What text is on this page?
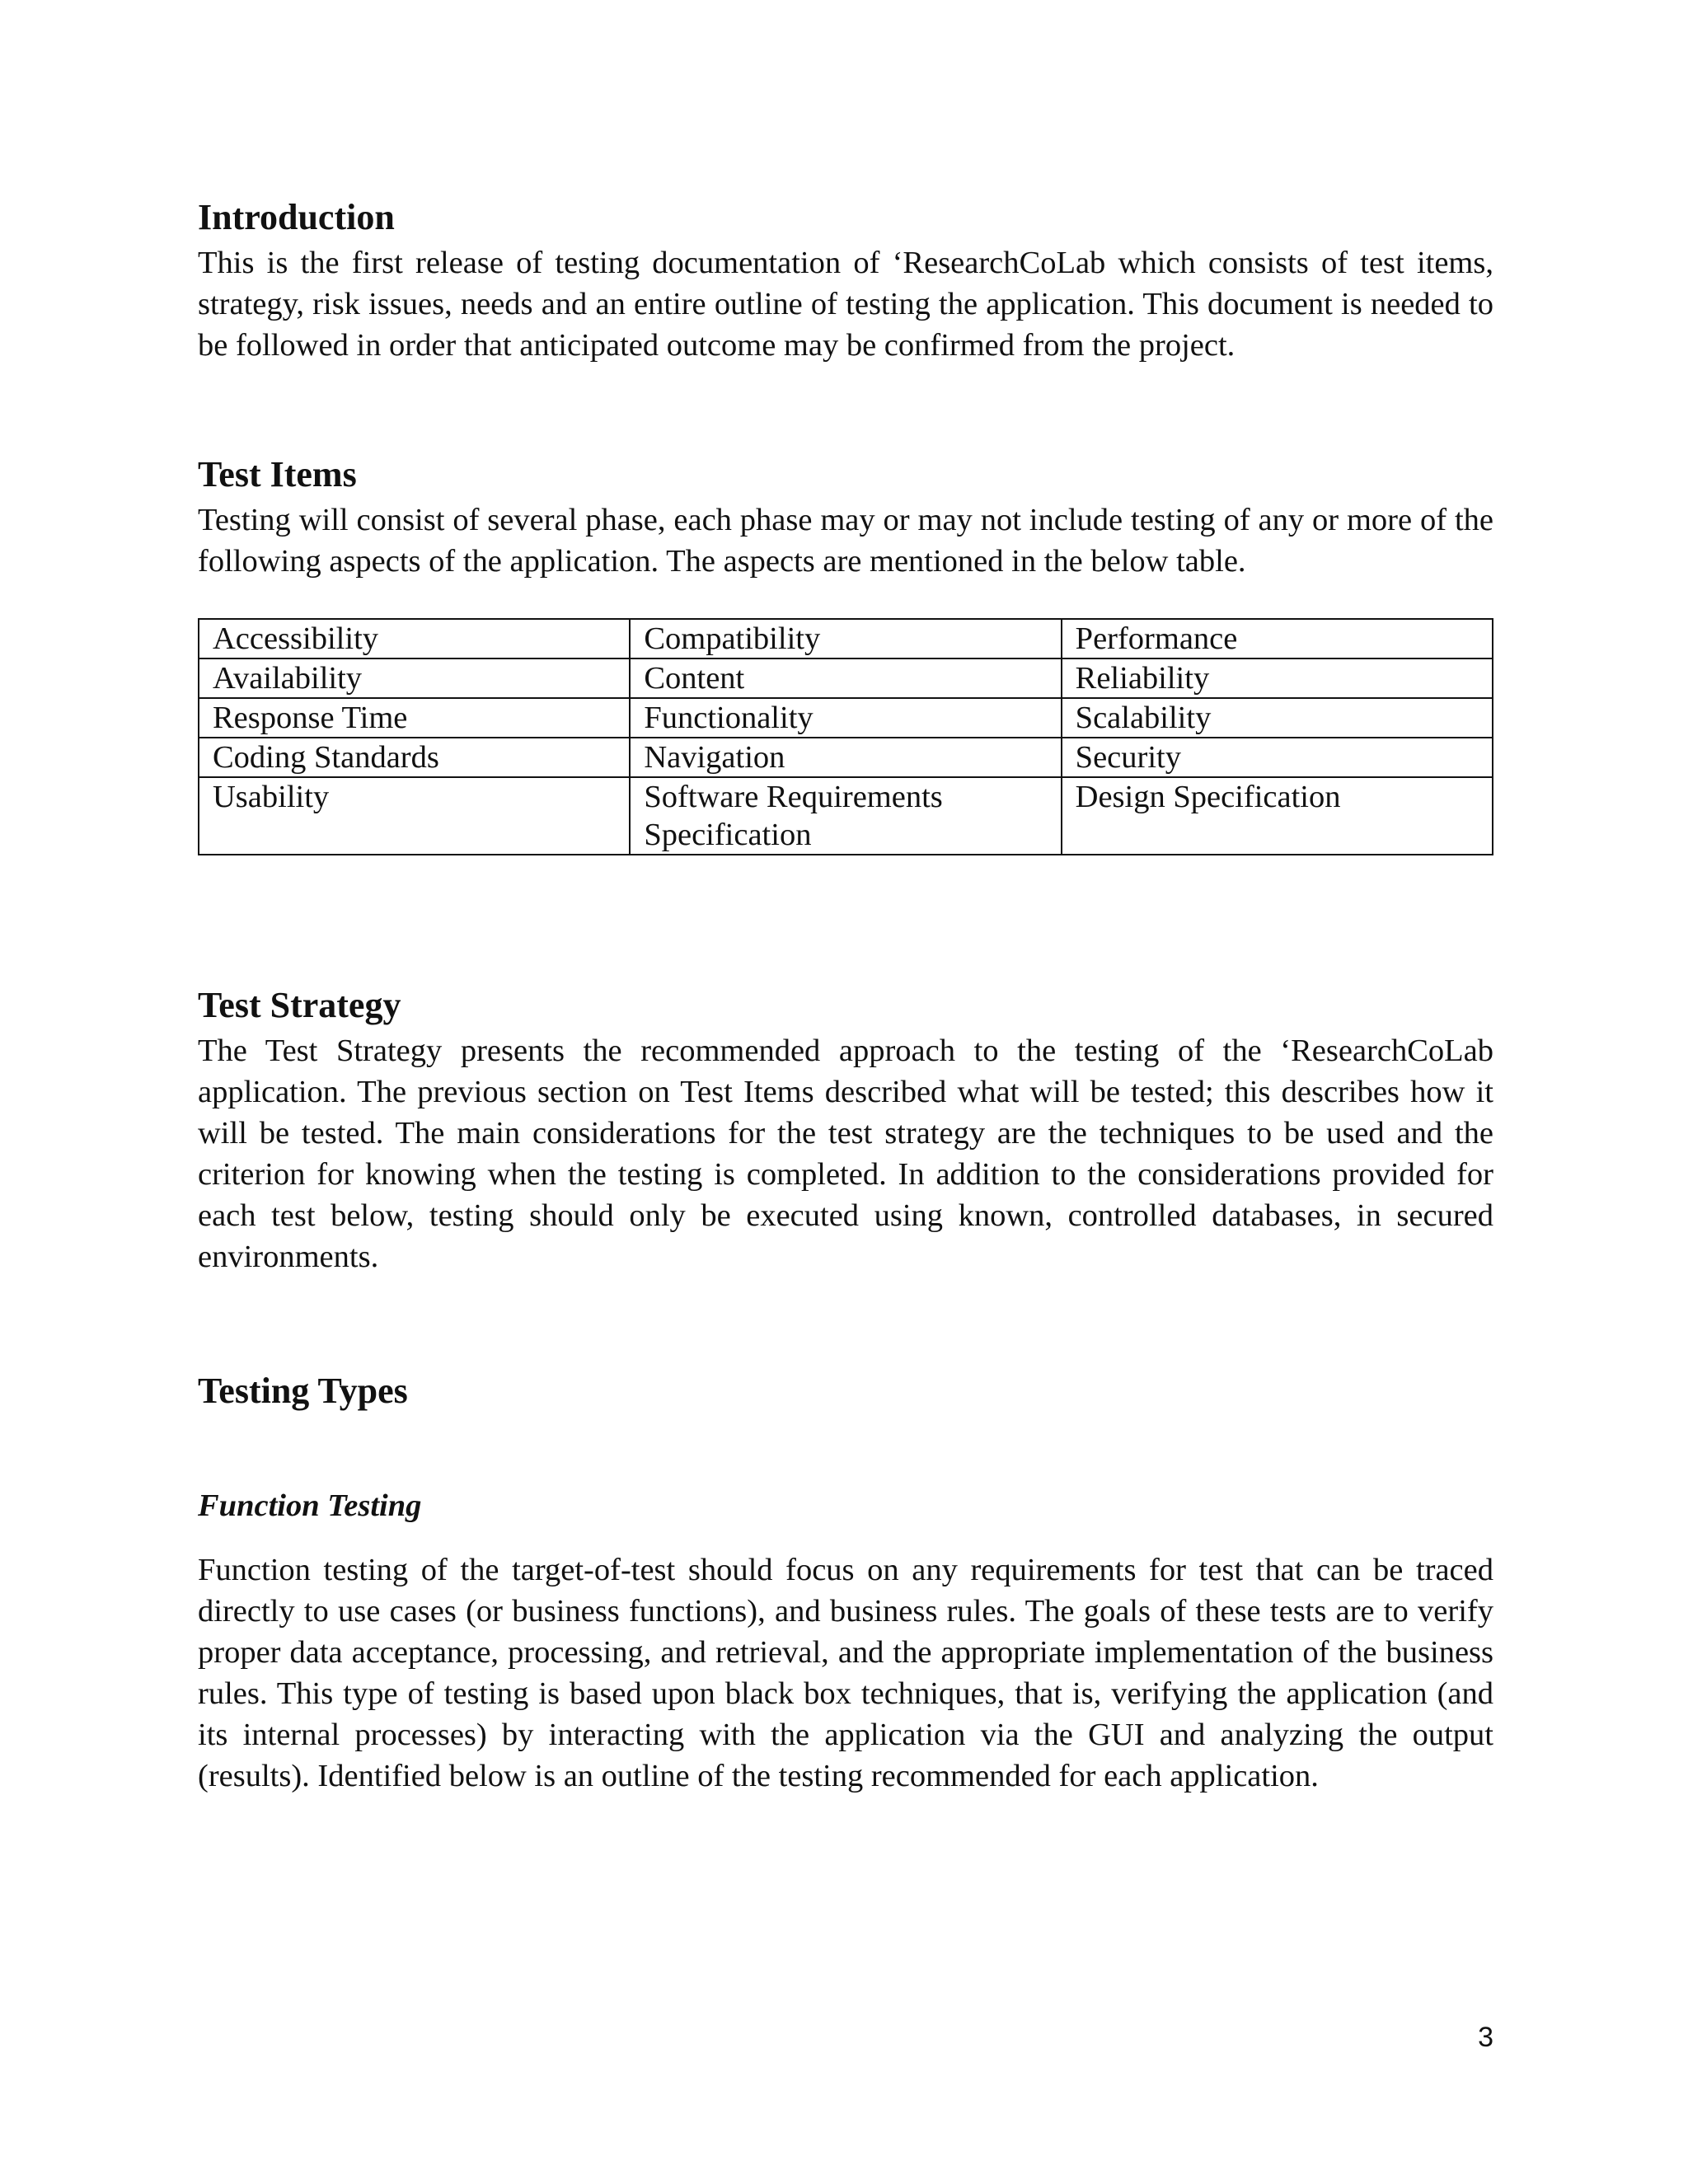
Introduction

This is the first release of testing documentation of ‘ResearchCoLab which consists of test items, strategy, risk issues, needs and an entire outline of testing the application. This document is needed to be followed in order that anticipated outcome may be confirmed from the project.

Test Items

Testing will consist of several phase, each phase may or may not include testing of any or more of the following aspects of the application. The aspects are mentioned in the below table.

Accessibility	Compatibility	Performance
Availability	Content	Reliability
Response Time	Functionality	Scalability
Coding Standards	Navigation	Security
Usability	Software Requirements Specification	Design Specification
Test Strategy

The Test Strategy presents the recommended approach to the testing of the ‘ResearchCoLab application. The previous section on Test Items described what will be tested; this describes how it will be tested. The main considerations for the test strategy are the techniques to be used and the criterion for knowing when the testing is completed. In addition to the considerations provided for each test below, testing should only be executed using known, controlled databases, in secured environments.

Testing Types
Function Testing

Function testing of the target-of-test should focus on any requirements for test that can be traced directly to use cases (or business functions), and business rules. The goals of these tests are to verify proper data acceptance, processing, and retrieval, and the appropriate implementation of the business rules. This type of testing is based upon black box techniques, that is, verifying the application (and its internal processes) by interacting with the application via the GUI and analyzing the output (results). Identified below is an outline of the testing recommended for each application.

3
